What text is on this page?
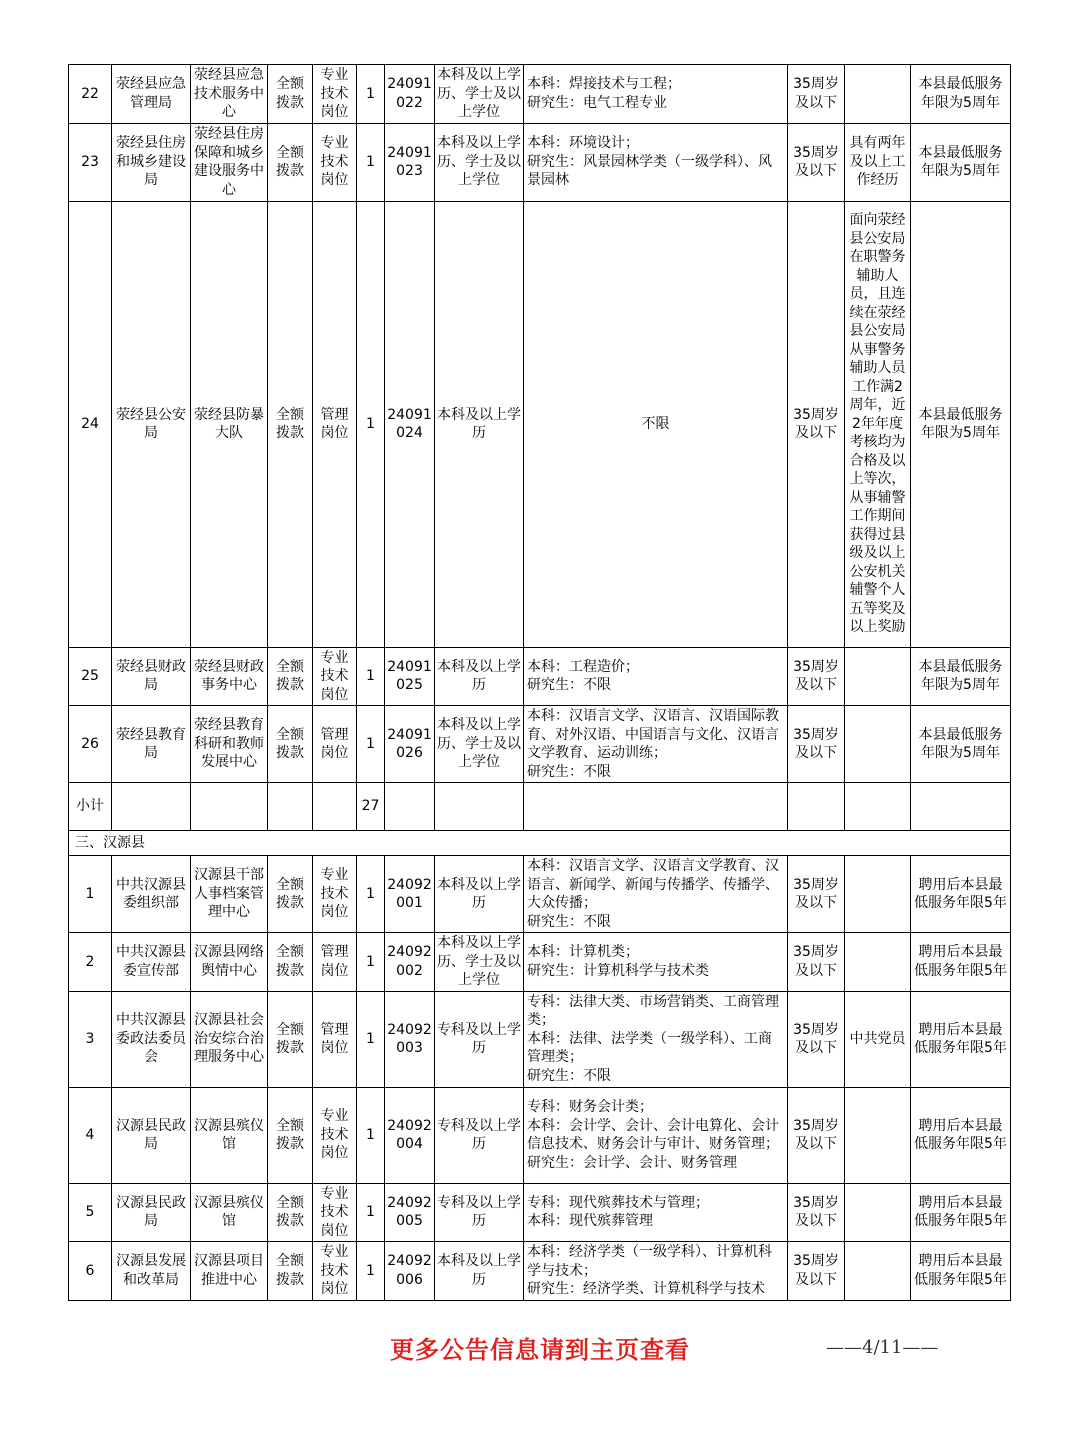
22	荥经县应急管理局	荥经县应急技术服务中心	全额拨款	专业技术岗位	1	24091022	本科及以上学历、学士及以上学位	本科：焊接技术与工程；
研究生：电气工程专业	35周岁及以下		本县最低服务年限为5周年
23	荥经县住房和城乡建设局	荥经县住房保障和城乡建设服务中心	全额拨款	专业技术岗位	1	24091023	本科及以上学历、学士及以上学位	本科：环境设计；
研究生：风景园林学类（一级学科）、风景园林	35周岁及以下	具有两年及以上工作经历	本县最低服务年限为5周年
24	荥经县公安局	荥经县防暴大队	全额拨款	管理岗位	1	24091024	本科及以上学历	不限	35周岁及以下	面向荥经县公安局在职警务辅助人员，且连续在荥经县公安局从事警务辅助人员工作满2周年，近2年年度考核均为合格及以上等次，从事辅警工作期间获得过县级及以上公安机关辅警个人五等奖及以上奖励	本县最低服务年限为5周年
25	荥经县财政局	荥经县财政事务中心	全额拨款	专业技术岗位	1	24091025	本科及以上学历	本科：工程造价；
研究生：不限	35周岁及以下		本县最低服务年限为5周年
26	荥经县教育局	荥经县教育科研和教师发展中心	全额拨款	管理岗位	1	24091026	本科及以上学历、学士及以上学位	本科：汉语言文学、汉语言、汉语国际教育、对外汉语、中国语言与文化、汉语言文学教育、运动训练；
研究生：不限	35周岁及以下		本县最低服务年限为5周年
小计					27						
三、汉源县											
1	中共汉源县委组织部	汉源县干部人事档案管理中心	全额拨款	专业技术岗位	1	24092001	本科及以上学历	本科：汉语言文学、汉语言文学教育、汉语言、新闻学、新闻与传播学、传播学、大众传播；
研究生：不限	35周岁及以下		聘用后本县最低服务年限5年
2	中共汉源县委宣传部	汉源县网络舆情中心	全额拨款	管理岗位	1	24092002	本科及以上学历、学士及以上学位	本科：计算机类；
研究生：计算机科学与技术类	35周岁及以下		聘用后本县最低服务年限5年
3	中共汉源县委政法委员会	汉源县社会治安综合治理服务中心	全额拨款	管理岗位	1	24092003	专科及以上学历	专科：法律大类、市场营销类、工商管理类；
本科：法律、法学类（一级学科）、工商管理类；
研究生：不限	35周岁及以下	中共党员	聘用后本县最低服务年限5年
4	汉源县民政局	汉源县殡仪馆	全额拨款	专业技术岗位	1	24092004	专科及以上学历	专科：财务会计类；
本科：会计学、会计、会计电算化、会计信息技术、财务会计与审计、财务管理；
研究生：会计学、会计、财务管理	35周岁及以下		聘用后本县最低服务年限5年
5	汉源县民政局	汉源县殡仪馆	全额拨款	专业技术岗位	1	24092005	专科及以上学历	专科：现代殡葬技术与管理；
本科：现代殡葬管理	35周岁及以下		聘用后本县最低服务年限5年
6	汉源县发展和改革局	汉源县项目推进中心	全额拨款	专业技术岗位	1	24092006	本科及以上学历	本科：经济学类（一级学科）、计算机科学与技术；
研究生：经济学类、计算机科学与技术	35周岁及以下		聘用后本县最低服务年限5年
更多公告信息请到主页查看	——4/11——
